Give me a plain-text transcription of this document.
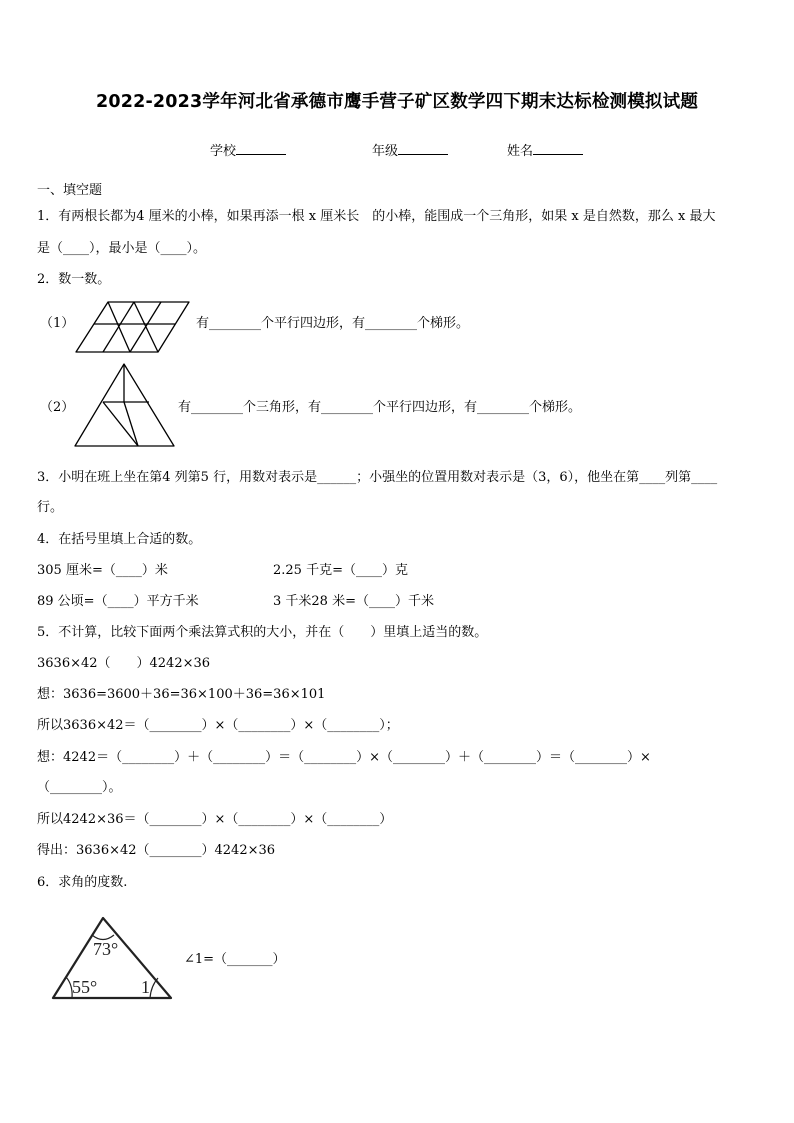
2022-2023学年河北省承德市鹰手营子矿区数学四下期末达标检测模拟试题
学校	年级	姓名
一、填空题
1．有两根长都为4 厘米的小棒，如果再添一根 x 厘米长　的小棒，能围成一个三角形，如果 x 是自然数，那么 x 最大
是（____），最小是（____）。
2．数一数。
（1）	有________个平行四边形，有________个梯形。
（2）	有________个三角形，有________个平行四边形，有________个梯形。
3．小明在班上坐在第4 列第5 行，用数对表示是______；小强坐的位置用数对表示是（3，6），他坐在第____列第____
行。
4．在括号里填上合适的数。
305 厘米=（____）米	2.25 千克=（____）克
89 公顷=（____）平方千米	3 千米28 米=（____）千米
5．不计算，比较下面两个乘法算式积的大小，并在（　　）里填上适当的数。
3636×42（　　）4242×36
想：3636=3600＋36=36×100＋36=36×101
所以3636×42＝（________）×（________）×（________）；
想：4242＝（________）＋（________）＝（________）×（________）＋（________）＝（________）×
（________）。
所以4242×36＝（________）×（________）×（________）
得出：3636×42（________）4242×36
6．求角的度数.
73°
55° 1
∠1=（_______）
